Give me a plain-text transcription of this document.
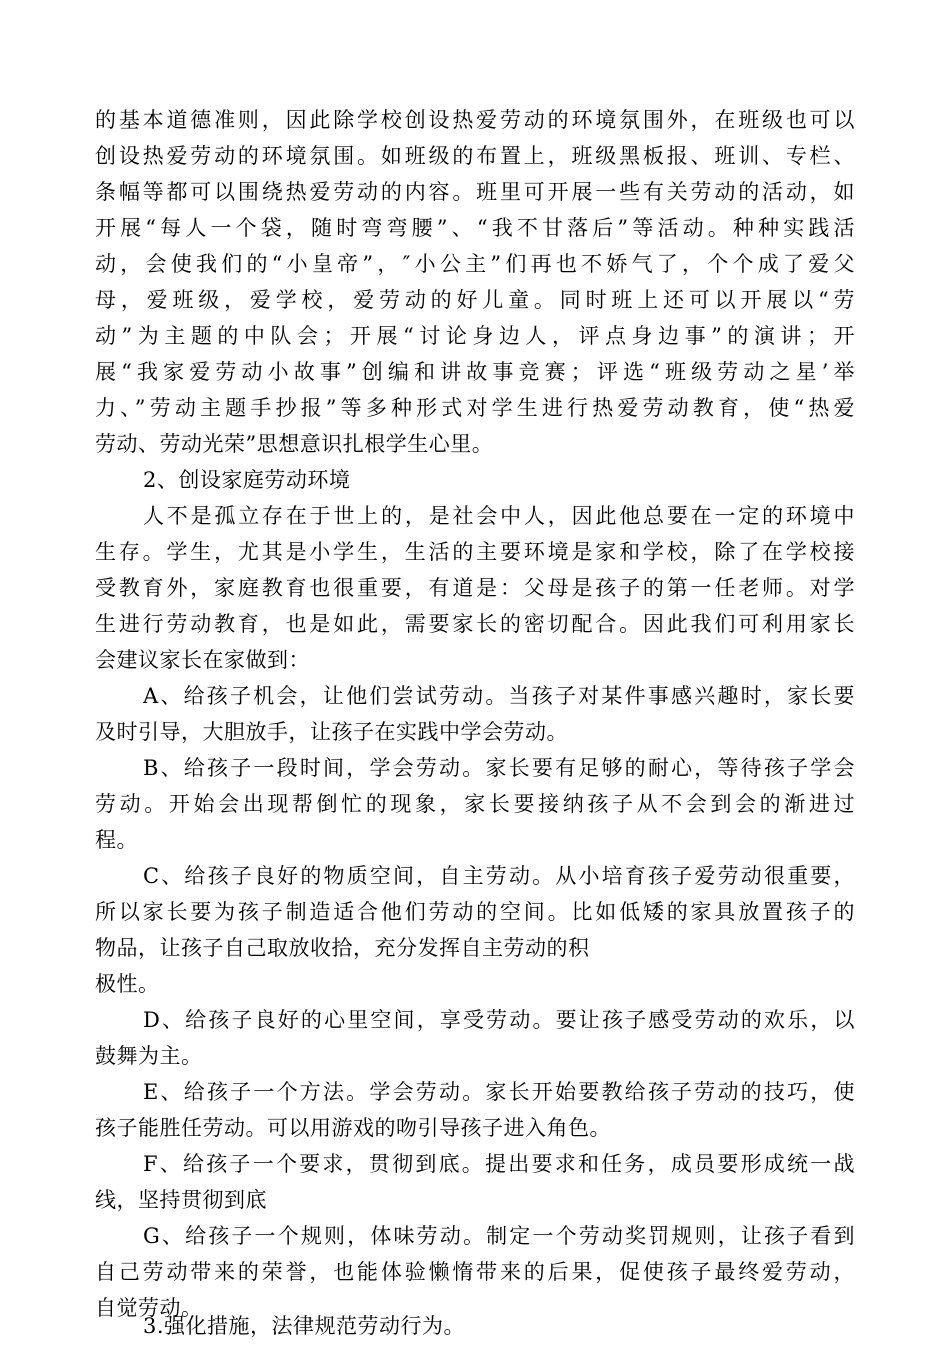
的基本道德准则，因此除学校创设热爱劳动的环境氛围外，在班级也可以
创设热爱劳动的环境氛围。如班级的布置上，班级黑板报、班训、专栏、
条幅等都可以围绕热爱劳动的内容。班里可开展一些有关劳动的活动，如
开展“每人一个袋，随时弯弯腰”、“我不甘落后”等活动。种种实践活
动，会使我们的“小皇帝”，″小公主”们再也不娇气了，个个成了爱父
母，爱班级，爱学校，爱劳动的好儿童。同时班上还可以开展以“劳
动”为主题的中队会；开展“讨论身边人，评点身边事”的演讲；开
展“我家爱劳动小故事”创编和讲故事竞赛；评选“班级劳动之星’举
力、”劳动主题手抄报”等多种形式对学生进行热爱劳动教育，使“热爱
劳动、劳动光荣”思想意识扎根学生心里。
2、创设家庭劳动环境
人不是孤立存在于世上的，是社会中人，因此他总要在一定的环境中
生存。学生，尤其是小学生，生活的主要环境是家和学校，除了在学校接
受教育外，家庭教育也很重要，有道是：父母是孩子的第一任老师。对学
生进行劳动教育，也是如此，需要家长的密切配合。因此我们可利用家长
会建议家长在家做到：
A、给孩子机会，让他们尝试劳动。当孩子对某件事感兴趣时，家长要
及时引导，大胆放手，让孩子在实践中学会劳动。
B、给孩子一段时间，学会劳动。家长要有足够的耐心，等待孩子学会
劳动。开始会出现帮倒忙的现象，家长要接纳孩子从不会到会的渐进过
程。
C、给孩子良好的物质空间，自主劳动。从小培育孩子爱劳动很重要，
所以家长要为孩子制造适合他们劳动的空间。比如低矮的家具放置孩子的
物品，让孩子自己取放收拾，充分发挥自主劳动的积
极性。
D、给孩子良好的心里空间，享受劳动。要让孩子感受劳动的欢乐，以
鼓舞为主。
E、给孩子一个方法。学会劳动。家长开始要教给孩子劳动的技巧，使
孩子能胜任劳动。可以用游戏的吻引导孩子进入角色。
F、给孩子一个要求，贯彻到底。提出要求和任务，成员要形成统一战
线，坚持贯彻到底
G、给孩子一个规则，体味劳动。制定一个劳动奖罚规则，让孩子看到
自己劳动带来的荣誉，也能体验懒惰带来的后果，促使孩子最终爱劳动，
自觉劳动。
3.强化措施，法律规范劳动行为。
